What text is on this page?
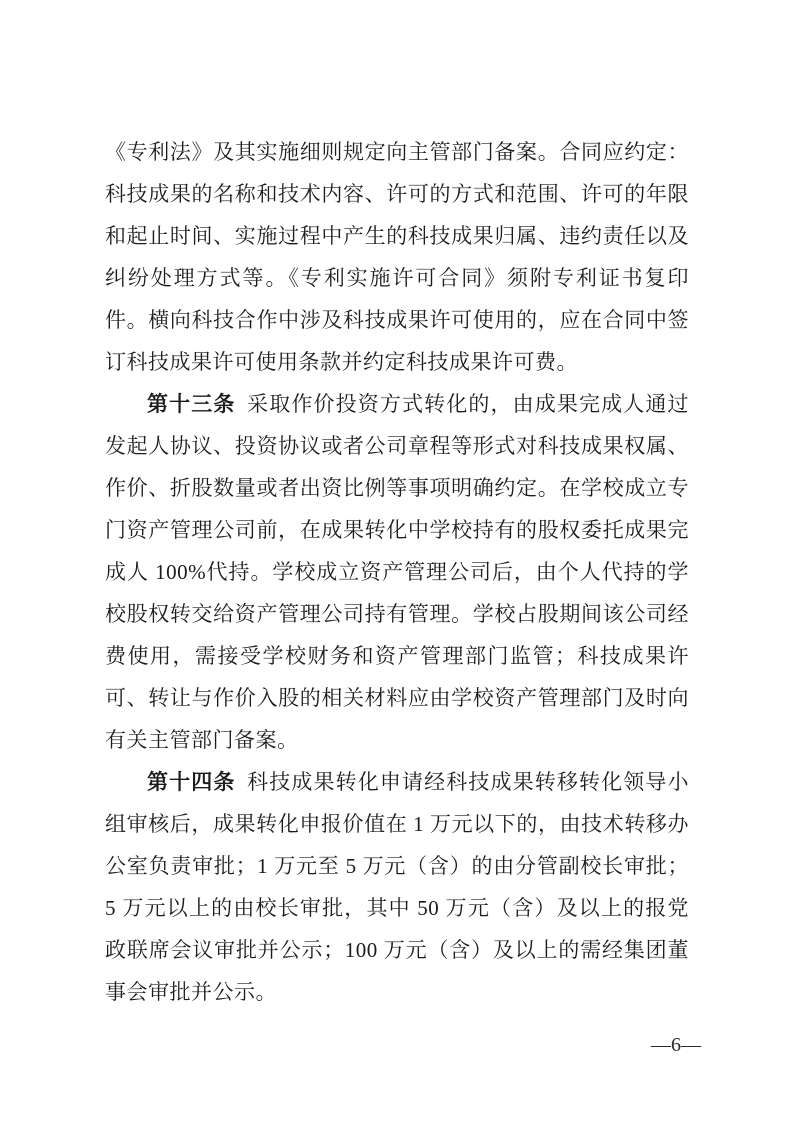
《专利法》及其实施细则规定向主管部门备案。合同应约定：科技成果的名称和技术内容、许可的方式和范围、许可的年限和起止时间、实施过程中产生的科技成果归属、违约责任以及纠纷处理方式等。《专利实施许可合同》须附专利证书复印件。横向科技合作中涉及科技成果许可使用的，应在合同中签订科技成果许可使用条款并约定科技成果许可费。

第十三条 采取作价投资方式转化的，由成果完成人通过发起人协议、投资协议或者公司章程等形式对科技成果权属、作价、折股数量或者出资比例等事项明确约定。在学校成立专门资产管理公司前，在成果转化中学校持有的股权委托成果完成人 100%代持。学校成立资产管理公司后，由个人代持的学校股权转交给资产管理公司持有管理。学校占股期间该公司经费使用，需接受学校财务和资产管理部门监管；科技成果许可、转让与作价入股的相关材料应由学校资产管理部门及时向有关主管部门备案。

第十四条 科技成果转化申请经科技成果转移转化领导小组审核后，成果转化申报价值在 1 万元以下的，由技术转移办公室负责审批；1 万元至 5 万元（含）的由分管副校长审批；5 万元以上的由校长审批，其中 50 万元（含）及以上的报党政联席会议审批并公示；100 万元（含）及以上的需经集团董事会审批并公示。

—6—
